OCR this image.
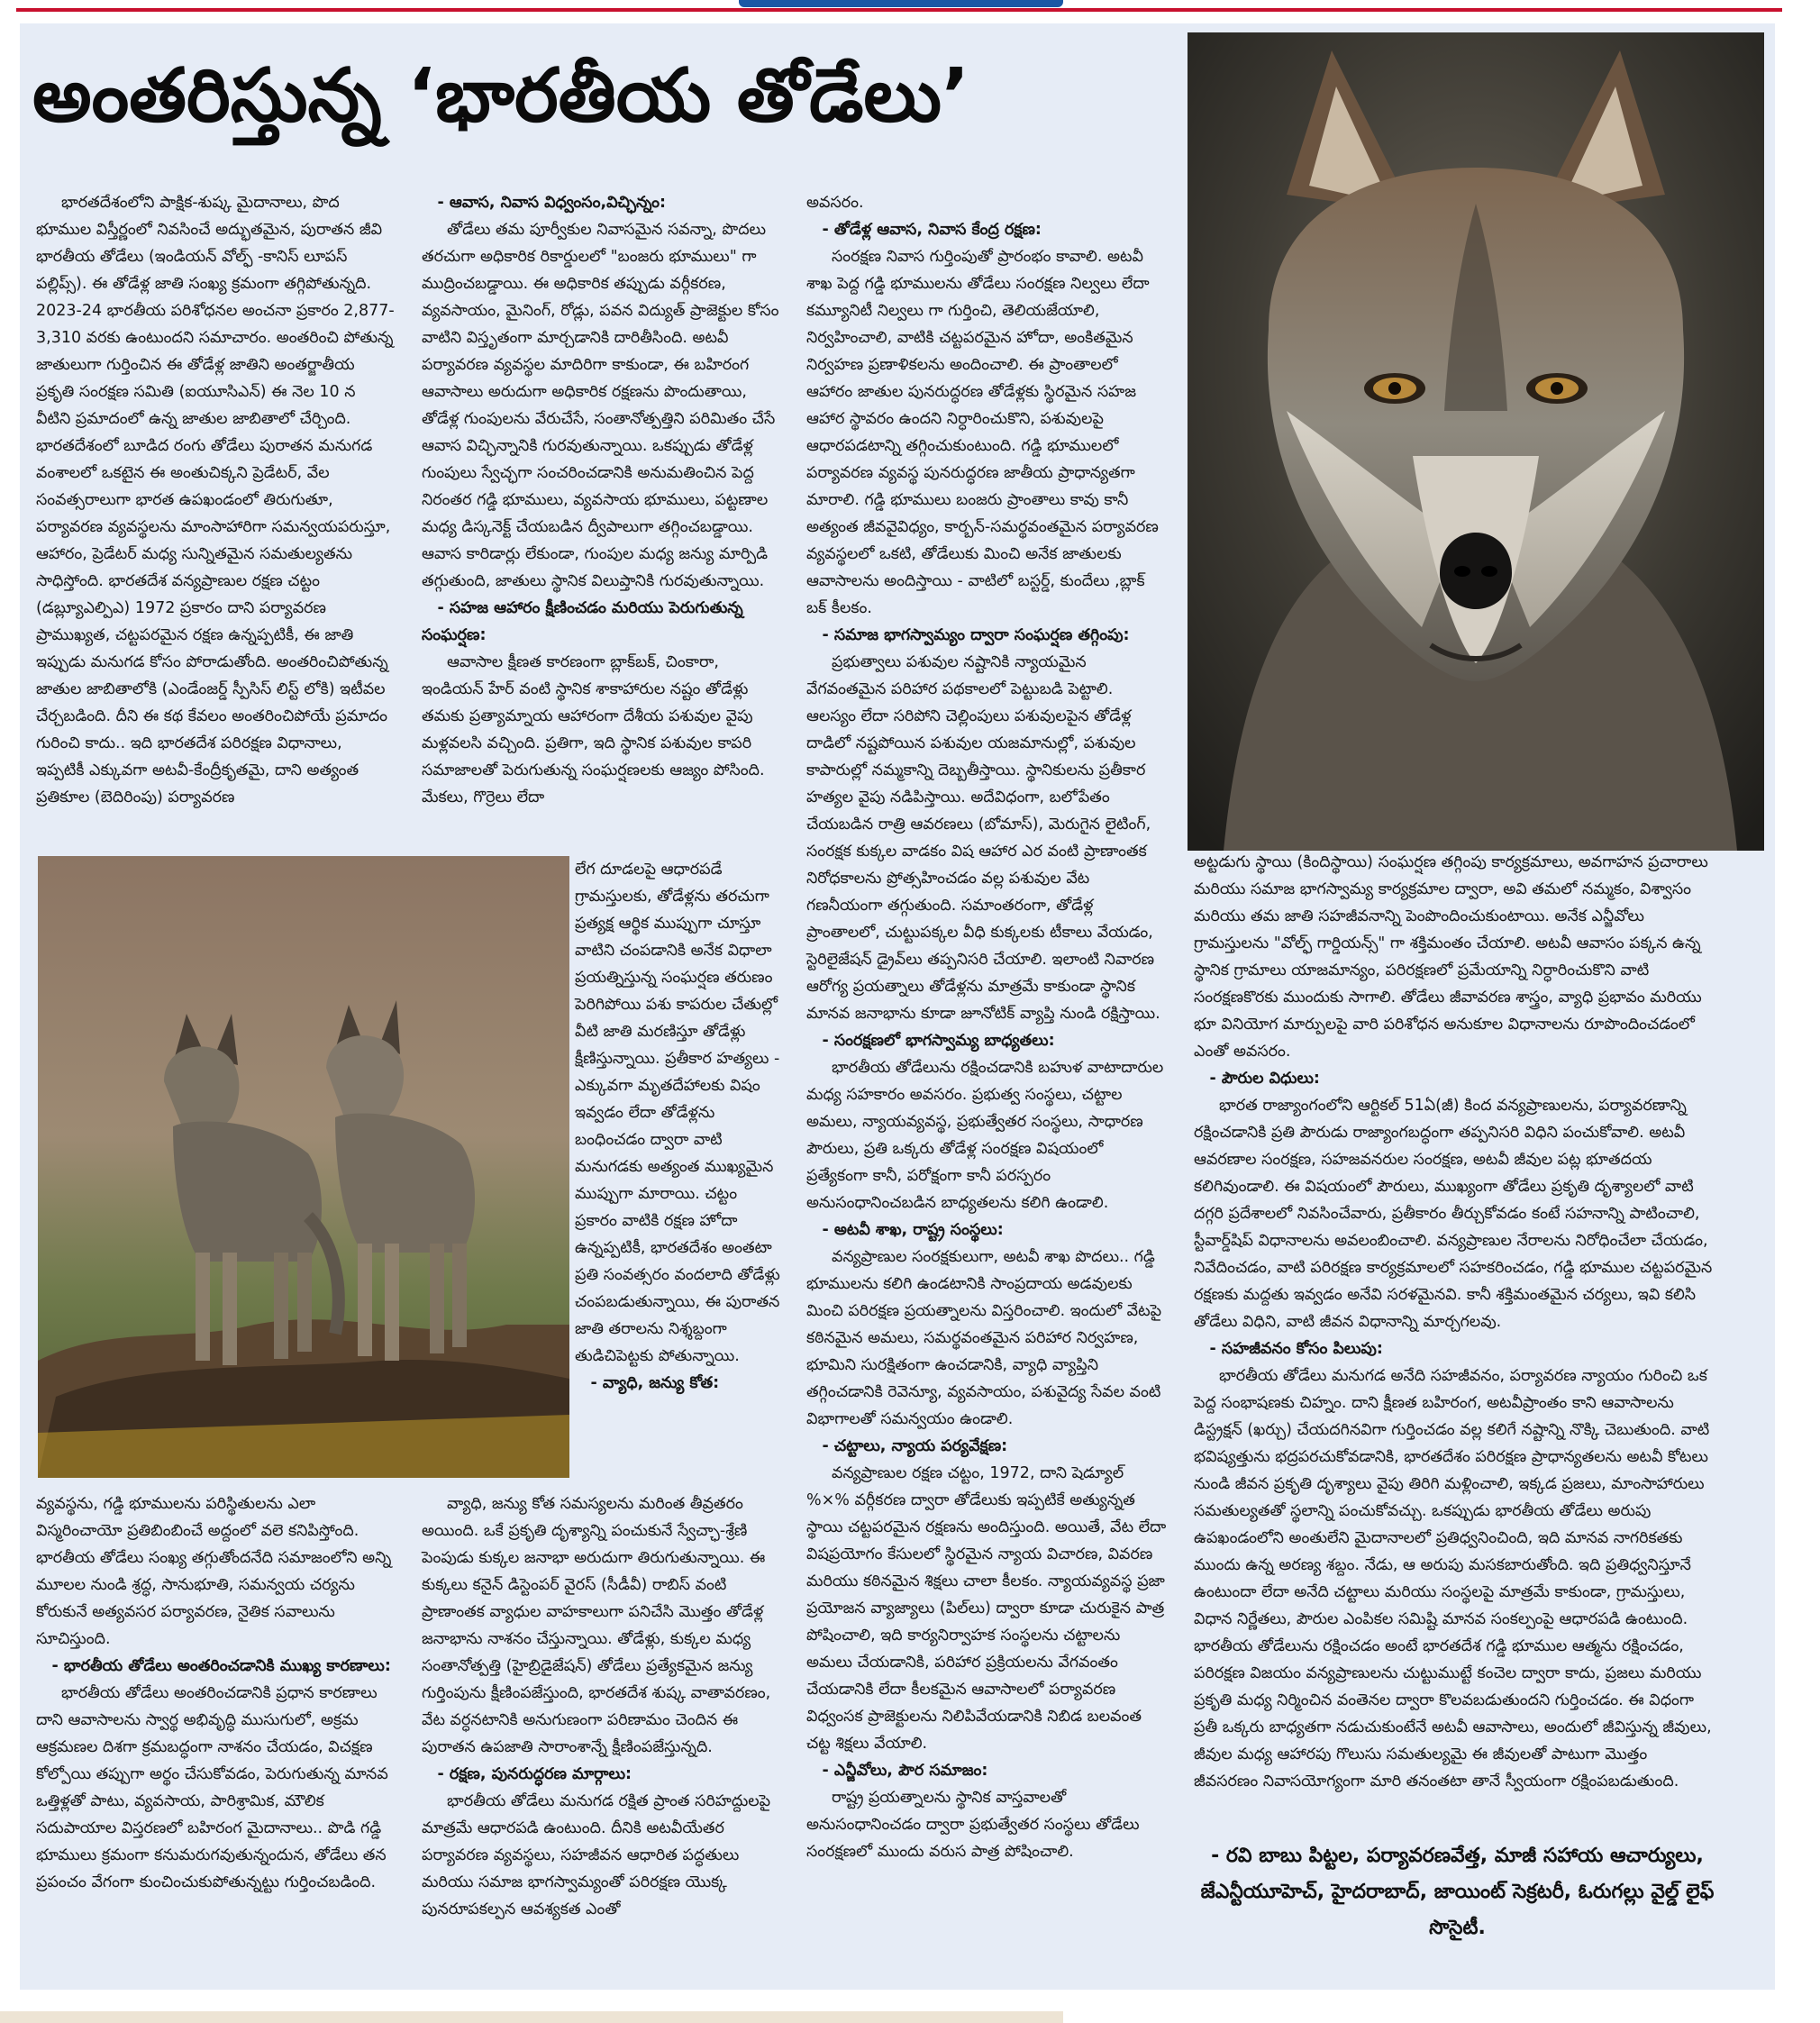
అంతరిస్తున్న ‘భారతీయ తోడేలు’

భారతదేశంలోని పాక్షిక-శుష్క మైదానాలు, పొద భూముల విస్తీర్ణంలో నివసించే అద్భుతమైన, పురాతన జీవి భారతీయ తోడేలు (ఇండియన్ వోల్ఫ్ -కానిస్ లూపస్ పల్లిప్స్). ఈ తోడేళ్ల జాతి సంఖ్య క్రమంగా తగ్గిపోతున్నది. 2023-24 భారతీయ పరిశోధనల అంచనా ప్రకారం 2,877-3,310 వరకు ఉంటుందని సమాచారం. అంతరించి పోతున్న జాతులుగా గుర్తించిన ఈ తోడేళ్ల జాతిని అంతర్జాతీయ ప్రకృతి సంరక్షణ సమితి (ఐయూసిఎన్) ఈ నెల 10 న వీటిని ప్రమాదంలో ఉన్న జాతుల జాబితాలో చేర్చింది. భారతదేశంలో బూడిద రంగు తోడేలు పురాతన మనుగడ వంశాలలో ఒకటైన ఈ అంతుచిక్కని ప్రెడేటర్, వేల సంవత్సరాలుగా భారత ఉపఖండంలో తిరుగుతూ, పర్యావరణ వ్యవస్థలను మాంసాహారిగా సమన్వయపరుస్తూ, ఆహారం, ప్రెడేటర్ మధ్య సున్నితమైన సమతుల్యతను సాధిస్తోంది. భారతదేశ వన్యప్రాణుల రక్షణ చట్టం (డబ్ల్యూఎల్పిఎ) 1972 ప్రకారం దాని పర్యావరణ ప్రాముఖ్యత, చట్టపరమైన రక్షణ ఉన్నప్పటికీ, ఈ జాతి ఇప్పుడు మనుగడ కోసం పోరాడుతోంది. అంతరించిపోతున్న జాతుల జాబితాలోకి (ఎండేంజర్డ్ స్పీసిస్ లిస్ట్ లోకి) ఇటీవల చేర్చబడింది. దీని ఈ కథ కేవలం అంతరించిపోయే ప్రమాదం గురించి కాదు.. ఇది భారతదేశ పరిరక్షణ విధానాలు, ఇప్పటికీ ఎక్కువగా అటవీ-కేంద్రీకృతమై, దాని అత్యంత ప్రతికూల (బెదిరింపు) పర్యావరణ

వ్యవస్థను, గడ్డి భూములను పరిస్థితులను ఎలా విస్మరించాయో ప్రతిబింబించే అద్దంలో వలె కనిపిస్తోంది. భారతీయ తోడేలు సంఖ్య తగ్గుతోందనేది సమాజంలోని అన్ని మూలల నుండి శ్రద్ధ, సానుభూతి, సమన్వయ చర్యను కోరుకునే అత్యవసర పర్యావరణ, నైతిక సవాలును సూచిస్తుంది.

- భారతీయ తోడేలు అంతరించడానికి ముఖ్య కారణాలు:

భారతీయ తోడేలు అంతరించడానికి ప్రధాన కారణాలు దాని ఆవాసాలను స్వార్థ అభివృద్ధి ముసుగులో, అక్రమ ఆక్రమణల దిశగా క్రమబద్ధంగా నాశనం చేయడం, విచక్షణ కోల్పోయి తప్పుగా అర్థం చేసుకోవడం, పెరుగుతున్న మానవ ఒత్తిళ్లతో పాటు, వ్యవసాయ, పారిశ్రామిక, మౌలిక సదుపాయాల విస్తరణలో బహిరంగ మైదానాలు.. పొడి గడ్డి భూములు క్రమంగా కనుమరుగవుతున్నందున, తోడేలు తన ప్రపంచం వేగంగా కుంచించుకుపోతున్నట్టు గుర్తించబడింది.

- ఆవాస, నివాస విధ్వంసం,విచ్ఛిన్నం:

తోడేలు తమ పూర్వీకుల నివాసమైన సవన్నా, పొదలు తరచుగా అధికారిక రికార్డులలో "బంజరు భూములు" గా ముద్రించబడ్డాయి. ఈ అధికారిక తప్పుడు వర్గీకరణ, వ్యవసాయం, మైనింగ్, రోడ్లు, పవన విద్యుత్ ప్రాజెక్టుల కోసం వాటిని విస్తృతంగా మార్చడానికి దారితీసింది. అటవీ పర్యావరణ వ్యవస్థల మాదిరిగా కాకుండా, ఈ బహిరంగ ఆవాసాలు అరుదుగా అధికారిక రక్షణను పొందుతాయి, తోడేళ్ల గుంపులను వేరుచేసే, సంతానోత్పత్తిని పరిమితం చేసే ఆవాస విచ్ఛిన్నానికి గురవుతున్నాయి. ఒకప్పుడు తోడేళ్ల గుంపులు స్వేచ్ఛగా సంచరించడానికి అనుమతించిన పెద్ద నిరంతర గడ్డి భూములు, వ్యవసాయ భూములు, పట్టణాల మధ్య డిస్కనెక్ట్ చేయబడిన ద్వీపాలుగా తగ్గించబడ్డాయి. ఆవాస కారిడార్లు లేకుండా, గుంపుల మధ్య జన్యు మార్పిడి తగ్గుతుంది, జాతులు స్థానిక విలుప్తానికి గురవుతున్నాయి.

- సహజ ఆహారం క్షీణించడం మరియు పెరుగుతున్న సంఘర్షణ:

ఆవాసాల క్షీణత కారణంగా బ్లాక్‌బక్, చింకారా, ఇండియన్ హేర్ వంటి స్థానిక శాకాహారుల నష్టం తోడేళ్లు తమకు ప్రత్యామ్నాయ ఆహారంగా దేశీయ పశువుల వైపు మళ్లవలసి వచ్చింది. ప్రతిగా, ఇది స్థానిక పశువుల కాపరి సమాజాలతో పెరుగుతున్న సంఘర్షణలకు ఆజ్యం పోసింది. మేకలు, గొర్రెలు లేదా

లేగ దూడలపై ఆధారపడే గ్రామస్తులకు, తోడేళ్లను తరచుగా ప్రత్యక్ష ఆర్థిక ముప్పుగా చూస్తూ వాటిని చంపడానికి అనేక విధాలా ప్రయత్నిస్తున్న సంఘర్షణ తరుణం పెరిగిపోయి పశు కాపరుల చేతుల్లో వీటి జాతి మరణిస్తూ తోడేళ్లు క్షీణిస్తున్నాయి. ప్రతీకార హత్యలు - ఎక్కువగా మృతదేహాలకు విషం ఇవ్వడం లేదా తోడేళ్లను బంధించడం ద్వారా వాటి మనుగడకు అత్యంత ముఖ్యమైన ముప్పుగా మారాయి. చట్టం ప్రకారం వాటికి రక్షణ హోదా ఉన్నప్పటికీ, భారతదేశం అంతటా ప్రతి సంవత్సరం వందలాది తోడేళ్లు చంపబడుతున్నాయి, ఈ పురాతన జాతి తరాలను నిశ్శబ్దంగా తుడిచిపెట్టకు పోతున్నాయి.

- వ్యాధి, జన్యు కోత:

వ్యాధి, జన్యు కోత సమస్యలను మరింత తీవ్రతరం అయింది. ఒకే ప్రకృతి దృశ్యాన్ని పంచుకునే స్వేచ్ఛా-శ్రేణి పెంపుడు కుక్కల జనాభా అరుదుగా తిరుగుతున్నాయి. ఈ కుక్కలు కనైన్ డిస్టెంపర్ వైరస్ (సీడీవీ) రాబిస్ వంటి ప్రాణాంతక వ్యాధుల వాహకాలుగా పనిచేసి మొత్తం తోడేళ్ల జనాభాను నాశనం చేస్తున్నాయి. తోడేళ్లు, కుక్కల మధ్య సంతానోత్పత్తి (హైబ్రిడైజేషన్) తోడేలు ప్రత్యేకమైన జన్యు గుర్తింపును క్షీణింపజేస్తుంది, భారతదేశ శుష్క వాతావరణం, వేట వర్ధనటానికి అనుగుణంగా పరిణామం చెందిన ఈ పురాతన ఉపజాతి సారాంశాన్నే క్షీణింపజేస్తున్నది.

- రక్షణ, పునరుద్ధరణ మార్గాలు:

భారతీయ తోడేలు మనుగడ రక్షిత ప్రాంత సరిహద్దులపై మాత్రమే ఆధారపడి ఉంటుంది. దీనికి అటవీయేతర పర్యావరణ వ్యవస్థలు, సహజీవన ఆధారిత పద్ధతులు మరియు సమాజ భాగస్వామ్యంతో పరిరక్షణ యొక్క పునరూపకల్పన ఆవశ్యకత ఎంతో

అవసరం.

- తోడేళ్ల ఆవాస, నివాస కేంద్ర రక్షణ:

సంరక్షణ నివాస గుర్తింపుతో ప్రారంభం కావాలి. అటవీ శాఖ పెద్ద గడ్డి భూములను తోడేలు సంరక్షణ నిల్వలు లేదా కమ్యూనిటీ నిల్వలు గా గుర్తించి, తెలియజేయాలి, నిర్వహించాలి, వాటికి చట్టపరమైన హోదా, అంకితమైన నిర్వహణ ప్రణాళికలను అందించాలి. ఈ ప్రాంతాలలో ఆహారం జాతుల పునరుద్ధరణ తోడేళ్లకు స్థిరమైన సహజ ఆహార స్థావరం ఉందని నిర్ధారించుకొని, పశువులపై ఆధారపడటాన్ని తగ్గించుకుంటుంది. గడ్డి భూములలో పర్యావరణ వ్యవస్థ పునరుద్ధరణ జాతీయ ప్రాధాన్యతగా మారాలి. గడ్డి భూములు బంజరు ప్రాంతాలు కావు కానీ అత్యంత జీవవైవిధ్యం, కార్బన్-సమర్థవంతమైన పర్యావరణ వ్యవస్థలలో ఒకటి, తోడేలుకు మించి అనేక జాతులకు ఆవాసాలను అందిస్తాయి - వాటిలో బస్టర్డ్, కుందేలు ,బ్లాక్ బక్ కీలకం.

- సమాజ భాగస్వామ్యం ద్వారా సంఘర్షణ తగ్గింపు:

ప్రభుత్వాలు పశువుల నష్టానికి న్యాయమైన వేగవంతమైన పరిహార పథకాలలో పెట్టుబడి పెట్టాలి. ఆలస్యం లేదా సరిపోని చెల్లింపులు పశువులపైన తోడేళ్ల దాడిలో నష్టపోయిన పశువుల యజమానుల్లో, పశువుల కాపారుల్లో నమ్మకాన్ని దెబ్బతీస్తాయి. స్థానికులను ప్రతీకార హత్యల వైపు నడిపిస్తాయి. అదేవిధంగా, బలోపేతం చేయబడిన రాత్రి ఆవరణలు (బోమాస్), మెరుగైన లైటింగ్, సంరక్షక కుక్కల వాడకం విష ఆహార ఎర వంటి ప్రాణాంతక నిరోధకాలను ప్రోత్సహించడం వల్ల పశువుల వేట గణనీయంగా తగ్గుతుంది. సమాంతరంగా, తోడేళ్ల ప్రాంతాలలో, చుట్టుపక్కల వీధి కుక్కలకు టీకాలు వేయడం, స్టెరిలైజేషన్ డ్రైవ్‌లు తప్పనిసరి చేయాలి. ఇలాంటి నివారణ ఆరోగ్య ప్రయత్నాలు తోడేళ్లను మాత్రమే కాకుండా స్థానిక మానవ జనాభాను కూడా జూనోటిక్ వ్యాప్తి నుండి రక్షిస్తాయి.

- సంరక్షణలో భాగస్వామ్య బాధ్యతలు:

భారతీయ తోడేలును రక్షించడానికి బహుళ వాటాదారుల మధ్య సహకారం అవసరం. ప్రభుత్వ సంస్థలు, చట్టాల అమలు, న్యాయవ్యవస్థ, ప్రభుత్వేతర సంస్థలు, సాధారణ పౌరులు, ప్రతి ఒక్కరు తోడేళ్ల సంరక్షణ విషయంలో ప్రత్యేకంగా కానీ, పరోక్షంగా కానీ పరస్పరం అనుసంధానించబడిన బాధ్యతలను కలిగి ఉండాలి.

- అటవీ శాఖ, రాష్ట్ర సంస్థలు:

వన్యప్రాణుల సంరక్షకులుగా, అటవీ శాఖ పొదలు.. గడ్డి భూములను కలిగి ఉండటానికి సాంప్రదాయ అడవులకు మించి పరిరక్షణ ప్రయత్నాలను విస్తరించాలి. ఇందులో వేటపై కఠినమైన అమలు, సమర్థవంతమైన పరిహార నిర్వహణ, భూమిని సురక్షితంగా ఉంచడానికి, వ్యాధి వ్యాప్తిని తగ్గించడానికి రెవెన్యూ, వ్యవసాయం, పశువైద్య సేవల వంటి విభాగాలతో సమన్వయం ఉండాలి.

- చట్టాలు, న్యాయ పర్యవేక్షణ:

వన్యప్రాణుల రక్షణ చట్టం, 1972, దాని షెడ్యూల్ %×% వర్గీకరణ ద్వారా తోడేలుకు ఇప్పటికే అత్యున్నత స్థాయి చట్టపరమైన రక్షణను అందిస్తుంది. అయితే, వేట లేదా విషప్రయోగం కేసులలో స్థిరమైన న్యాయ విచారణ, వివరణ మరియు కఠినమైన శిక్షలు చాలా కీలకం. న్యాయవ్యవస్థ ప్రజా ప్రయోజన వ్యాజ్యాలు (పిల్‌లు) ద్వారా కూడా చురుకైన పాత్ర పోషించాలి, ఇది కార్యనిర్వాహక సంస్థలను చట్టాలను అమలు చేయడానికి, పరిహార ప్రక్రియలను వేగవంతం చేయడానికి లేదా కీలకమైన ఆవాసాలలో పర్యావరణ విధ్వంసక ప్రాజెక్టులను నిలిపివేయడానికి నిబిడ బలవంత చట్ట శిక్షలు వేయాలి.

- ఎన్జీవోలు, పౌర సమాజం:

రాష్ట్ర ప్రయత్నాలను స్థానిక వాస్తవాలతో అనుసంధానించడం ద్వారా ప్రభుత్వేతర సంస్థలు తోడేలు సంరక్షణలో ముందు వరుస పాత్ర పోషించాలి.

అట్టడుగు స్థాయి (కిందిస్థాయి) సంఘర్షణ తగ్గింపు కార్యక్రమాలు, అవగాహన ప్రచారాలు మరియు సమాజ భాగస్వామ్య కార్యక్రమాల ద్వారా, అవి తమలో నమ్మకం, విశ్వాసం మరియు తమ జాతి సహజీవనాన్ని పెంపొందించుకుంటాయి. అనేక ఎన్జీవోలు గ్రామస్తులను "వోల్ఫ్ గార్డియన్స్" గా శక్తిమంతం చేయాలి. అటవీ ఆవాసం పక్కన ఉన్న స్థానిక గ్రామాలు యాజమాన్యం, పరిరక్షణలో ప్రమేయాన్ని నిర్ధారించుకొని వాటి సంరక్షణకొరకు ముందుకు సాగాలి. తోడేలు జీవావరణ శాస్త్రం, వ్యాధి ప్రభావం మరియు భూ వినియోగ మార్పులపై వారి పరిశోధన అనుకూల విధానాలను రూపొందించడంలో ఎంతో అవసరం.

- పౌరుల విధులు:

భారత రాజ్యాంగంలోని ఆర్టికల్ 51ఏ(జీ) కింద వన్యప్రాణులను, పర్యావరణాన్ని రక్షించడానికి ప్రతి పౌరుడు రాజ్యాంగబద్ధంగా తప్పనిసరి విధిని పంచుకోవాలి. అటవీ ఆవరణాల సంరక్షణ, సహజవనరుల సంరక్షణ, అటవీ జీవుల పట్ల భూతదయ కలిగివుండాలి. ఈ విషయంలో పౌరులు, ముఖ్యంగా తోడేలు ప్రకృతి దృశ్యాలలో వాటి దగ్గరి ప్రదేశాలలో నివసించేవారు, ప్రతీకారం తీర్చుకోవడం కంటే సహనాన్ని పాటించాలి, స్టీవార్డ్‌షిప్ విధానాలను అవలంబించాలి. వన్యప్రాణుల నేరాలను నిరోధించేలా చేయడం, నివేదించడం, వాటి పరిరక్షణ కార్యక్రమాలలో సహకరించడం, గడ్డి భూముల చట్టపరమైన రక్షణకు మద్దతు ఇవ్వడం అనేవి సరళమైనవి. కానీ శక్తిమంతమైన చర్యలు, ఇవి కలిసి తోడేలు విధిని, వాటి జీవన విధానాన్ని మార్చగలవు.

- సహజీవనం కోసం పిలుపు:

భారతీయ తోడేలు మనుగడ అనేది సహజీవనం, పర్యావరణ న్యాయం గురించి ఒక పెద్ద సంభాషణకు చిహ్నం. దాని క్షీణత బహిరంగ, అటవీప్రాంతం కాని ఆవాసాలను డిస్ట్రక్షన్ (ఖర్చు) చేయదగినవిగా గుర్తించడం వల్ల కలిగే నష్టాన్ని నొక్కి చెబుతుంది. వాటి భవిష్యత్తును భద్రపరచుకోవడానికి, భారతదేశం పరిరక్షణ ప్రాధాన్యతలను అటవీ కోటలు నుండి జీవన ప్రకృతి దృశ్యాలు వైపు తిరిగి మళ్లించాలి, ఇక్కడ ప్రజలు, మాంసాహారులు సమతుల్యతతో స్థలాన్ని పంచుకోవచ్చు. ఒకప్పుడు భారతీయ తోడేలు అరుపు ఉపఖండంలోని అంతులేని మైదానాలలో ప్రతిధ్వనించింది, ఇది మానవ నాగరికతకు ముందు ఉన్న అరణ్య శబ్దం. నేడు, ఆ అరుపు మసకబారుతోంది. ఇది ప్రతిధ్వనిస్తూనే ఉంటుందా లేదా అనేది చట్టాలు మరియు సంస్థలపై మాత్రమే కాకుండా, గ్రామస్తులు, విధాన నిర్ణేతలు, పౌరుల ఎంపికల సమిష్టి మానవ సంకల్పంపై ఆధారపడి ఉంటుంది. భారతీయ తోడేలును రక్షించడం అంటే భారతదేశ గడ్డి భూముల ఆత్మను రక్షించడం, పరిరక్షణ విజయం వన్యప్రాణులను చుట్టుముట్టే కంచెల ద్వారా కాదు, ప్రజలు మరియు ప్రకృతి మధ్య నిర్మించిన వంతెనల ద్వారా కొలవబడుతుందని గుర్తించడం. ఈ విధంగా ప్రతీ ఒక్కరు బాధ్యతగా నడుచుకుంటేనే అటవీ ఆవాసాలు, అందులో జీవిస్తున్న జీవులు, జీవుల మధ్య ఆహారపు గొలుసు సమతుల్యమై ఈ జీవులతో పాటుగా మొత్తం జీవసరణం నివాసయోగ్యంగా మారి తనంతటా తానే స్వీయంగా రక్షింపబడుతుంది.

- రవి బాబు పిట్టల, పర్యావరణవేత్త, మాజీ సహాయ ఆచార్యులు, జేఎన్టీయూహెచ్, హైదరాబాద్, జాయింట్ సెక్రటరీ, ఓరుగల్లు వైల్డ్ లైఫ్ సొసైటీ.
